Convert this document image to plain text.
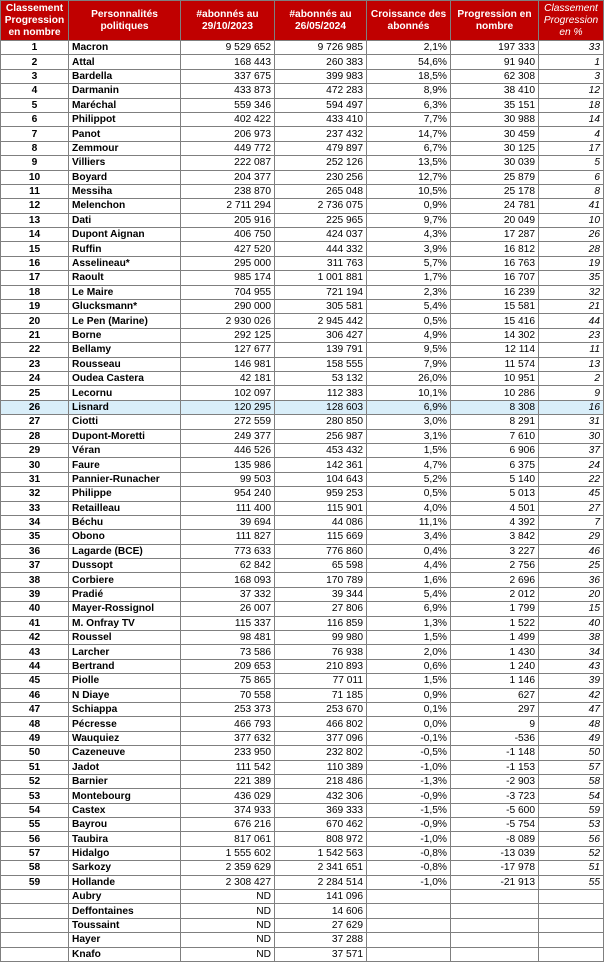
Classement Progression en nombre	Personnalités politiques	#abonnés au 29/10/2023	#abonnés au 26/05/2024	Croissance des abonnés	Progression en nombre	Classement Progression en %
1	Macron	9 529 652	9 726 985	2,1%	197 333	33
2	Attal	168 443	260 383	54,6%	91 940	1
3	Bardella	337 675	399 983	18,5%	62 308	3
4	Darmanin	433 873	472 283	8,9%	38 410	12
5	Maréchal	559 346	594 497	6,3%	35 151	18
6	Philippot	402 422	433 410	7,7%	30 988	14
7	Panot	206 973	237 432	14,7%	30 459	4
8	Zemmour	449 772	479 897	6,7%	30 125	17
9	Villiers	222 087	252 126	13,5%	30 039	5
10	Boyard	204 377	230 256	12,7%	25 879	6
11	Messiha	238 870	265 048	10,5%	25 178	8
12	Melenchon	2 711 294	2 736 075	0,9%	24 781	41
13	Dati	205 916	225 965	9,7%	20 049	10
14	Dupont Aignan	406 750	424 037	4,3%	17 287	26
15	Ruffin	427 520	444 332	3,9%	16 812	28
16	Asselineau*	295 000	311 763	5,7%	16 763	19
17	Raoult	985 174	1 001 881	1,7%	16 707	35
18	Le Maire	704 955	721 194	2,3%	16 239	32
19	Glucksmann*	290 000	305 581	5,4%	15 581	21
20	Le Pen (Marine)	2 930 026	2 945 442	0,5%	15 416	44
21	Borne	292 125	306 427	4,9%	14 302	23
22	Bellamy	127 677	139 791	9,5%	12 114	11
23	Rousseau	146 981	158 555	7,9%	11 574	13
24	Oudea Castera	42 181	53 132	26,0%	10 951	2
25	Lecornu	102 097	112 383	10,1%	10 286	9
26	Lisnard	120 295	128 603	6,9%	8 308	16
27	Ciotti	272 559	280 850	3,0%	8 291	31
28	Dupont-Moretti	249 377	256 987	3,1%	7 610	30
29	Véran	446 526	453 432	1,5%	6 906	37
30	Faure	135 986	142 361	4,7%	6 375	24
31	Pannier-Runacher	99 503	104 643	5,2%	5 140	22
32	Philippe	954 240	959 253	0,5%	5 013	45
33	Retailleau	111 400	115 901	4,0%	4 501	27
34	Béchu	39 694	44 086	11,1%	4 392	7
35	Obono	111 827	115 669	3,4%	3 842	29
36	Lagarde (BCE)	773 633	776 860	0,4%	3 227	46
37	Dussopt	62 842	65 598	4,4%	2 756	25
38	Corbiere	168 093	170 789	1,6%	2 696	36
39	Pradié	37 332	39 344	5,4%	2 012	20
40	Mayer-Rossignol	26 007	27 806	6,9%	1 799	15
41	M. Onfray TV	115 337	116 859	1,3%	1 522	40
42	Roussel	98 481	99 980	1,5%	1 499	38
43	Larcher	73 586	76 938	2,0%	1 430	34
44	Bertrand	209 653	210 893	0,6%	1 240	43
45	Piolle	75 865	77 011	1,5%	1 146	39
46	N Diaye	70 558	71 185	0,9%	627	42
47	Schiappa	253 373	253 670	0,1%	297	47
48	Pécresse	466 793	466 802	0,0%	9	48
49	Wauquiez	377 632	377 096	-0,1%	-536	49
50	Cazeneuve	233 950	232 802	-0,5%	-1 148	50
51	Jadot	111 542	110 389	-1,0%	-1 153	57
52	Barnier	221 389	218 486	-1,3%	-2 903	58
53	Montebourg	436 029	432 306	-0,9%	-3 723	54
54	Castex	374 933	369 333	-1,5%	-5 600	59
55	Bayrou	676 216	670 462	-0,9%	-5 754	53
56	Taubira	817 061	808 972	-1,0%	-8 089	56
57	Hidalgo	1 555 602	1 542 563	-0,8%	-13 039	52
58	Sarkozy	2 359 629	2 341 651	-0,8%	-17 978	51
59	Hollande	2 308 427	2 284 514	-1,0%	-21 913	55
	Aubry	ND	141 096			
	Deffontaines	ND	14 606			
	Toussaint	ND	27 629			
	Hayer	ND	37 288			
	Knafo	ND	37 571			
